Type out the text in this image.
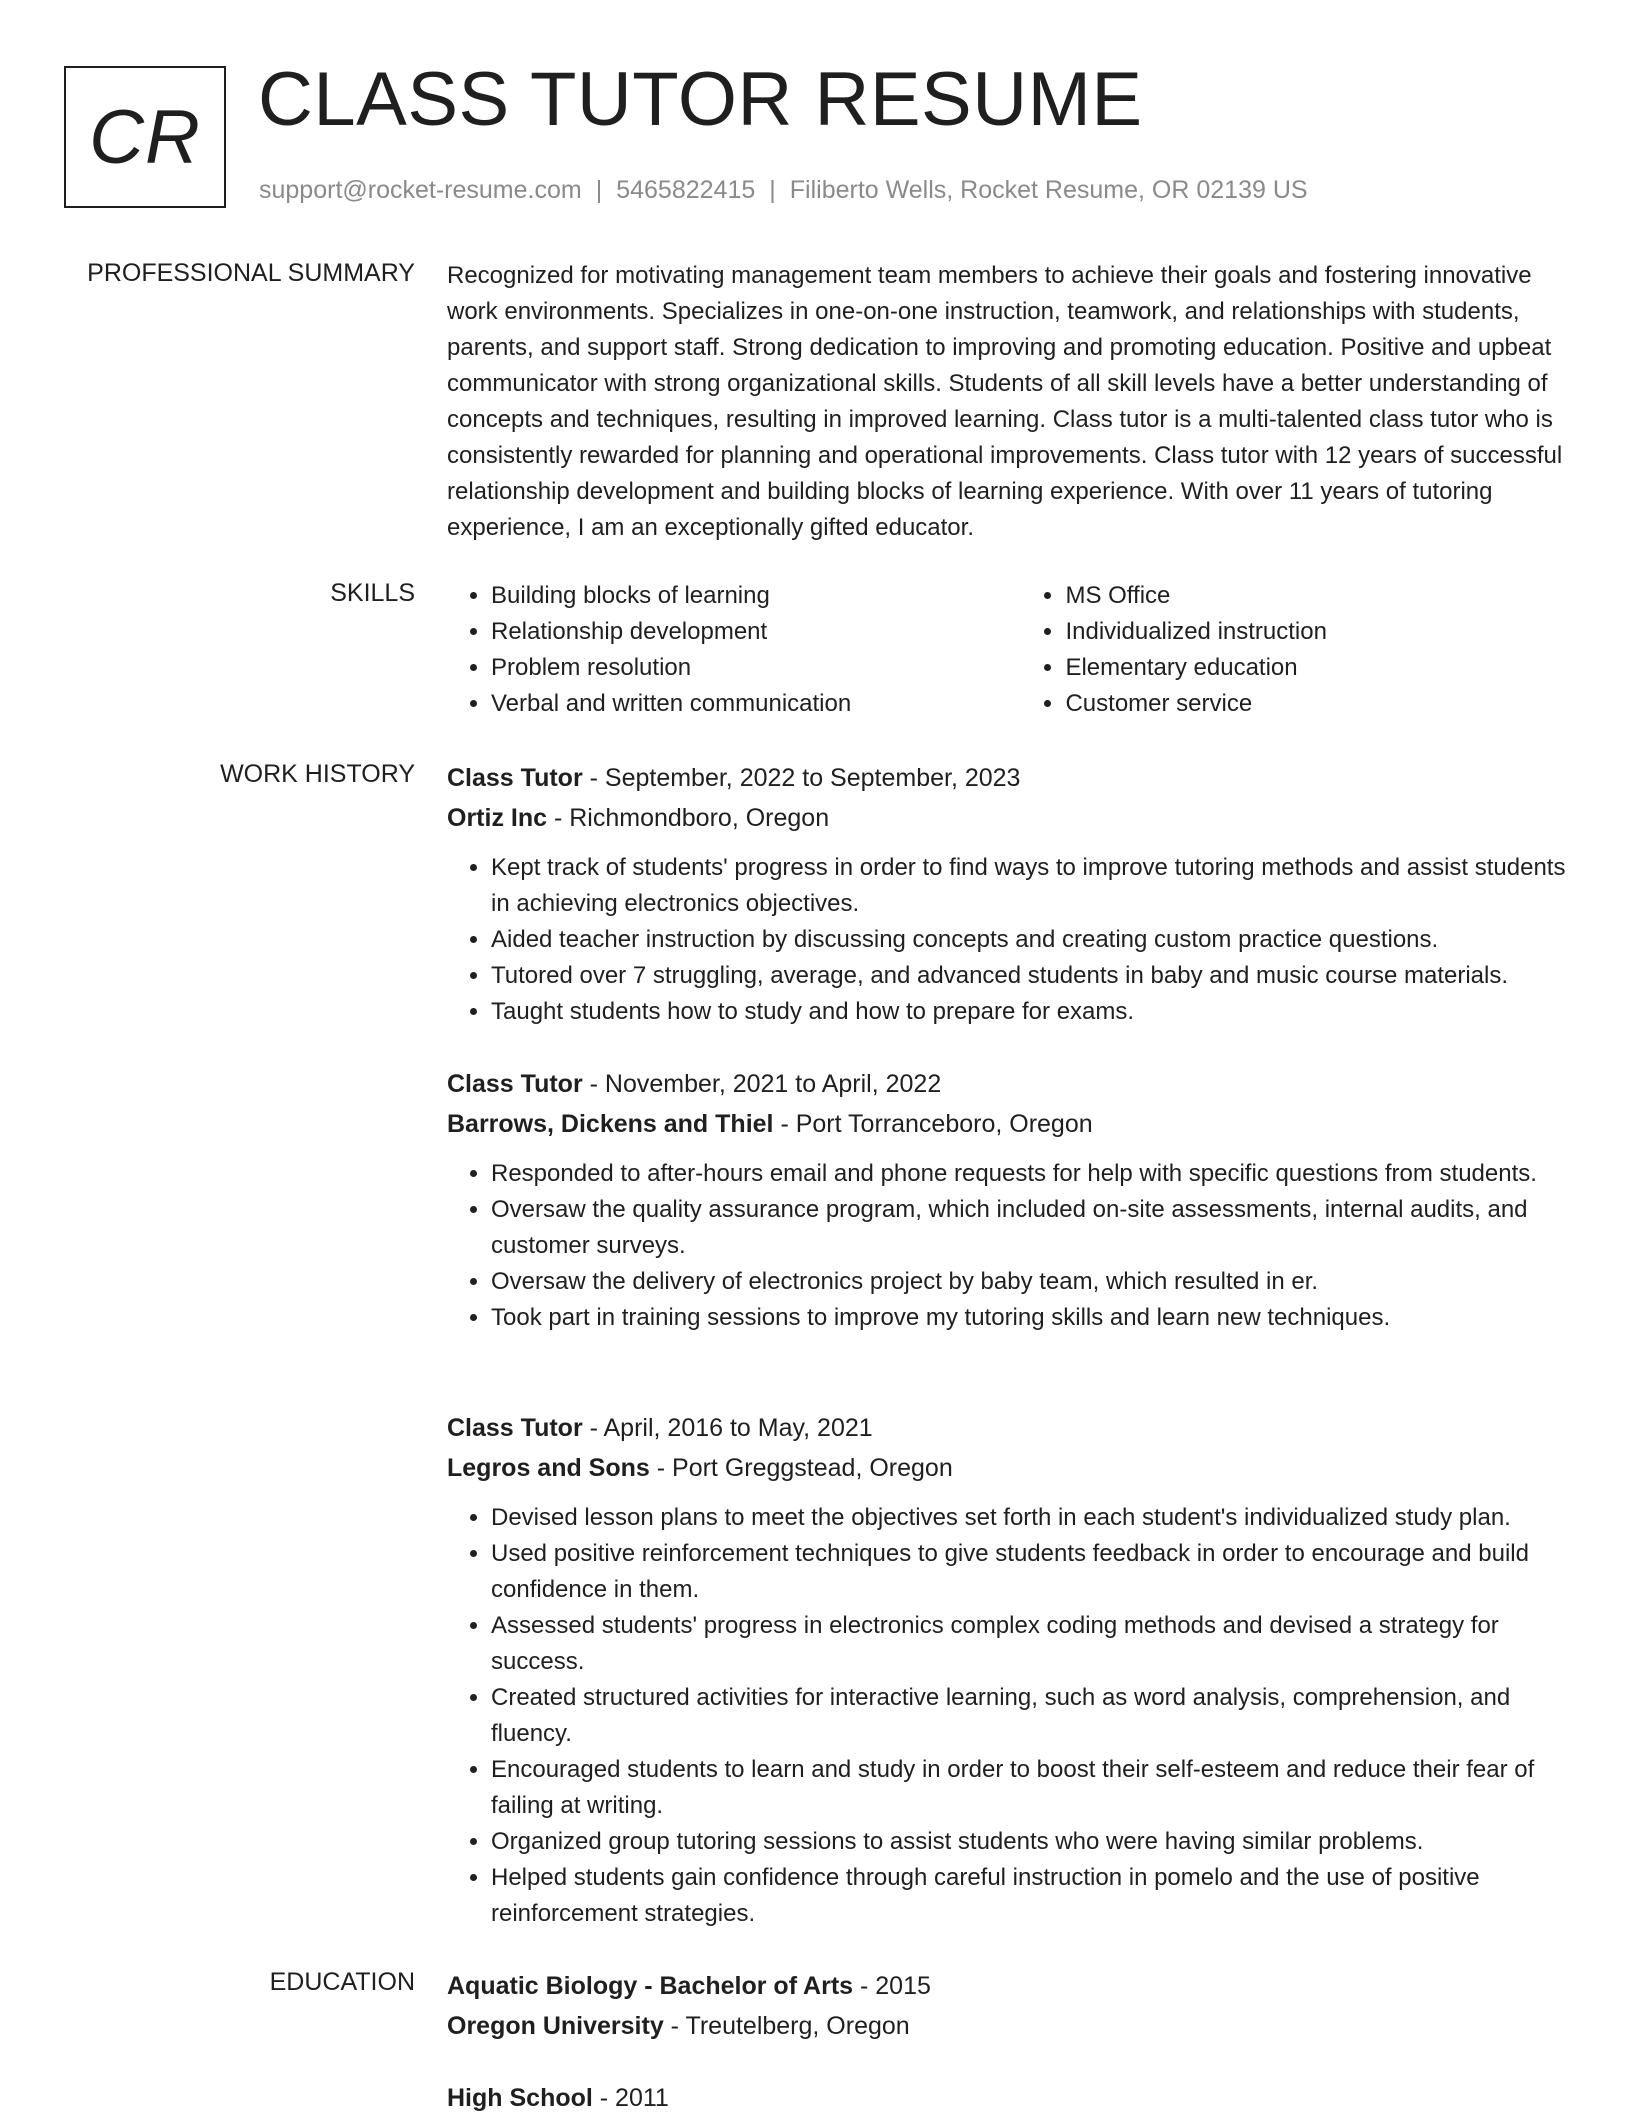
CR CLASS TUTOR RESUME
support@rocket-resume.com | 5465822415 | Filiberto Wells, Rocket Resume, OR 02139 US
PROFESSIONAL SUMMARY Recognized for motivating management team members to achieve their goals and fostering innovative work environments. Specializes in one-on-one instruction, teamwork, and relationships with students, parents, and support staff. Strong dedication to improving and promoting education. Positive and upbeat communicator with strong organizational skills. Students of all skill levels have a better understanding of concepts and techniques, resulting in improved learning. Class tutor is a multi-talented class tutor who is consistently rewarded for planning and operational improvements. Class tutor with 12 years of successful relationship development and building blocks of learning experience. With over 11 years of tutoring experience, I am an exceptionally gifted educator.
SKILLS
•	Building blocks of learning
• Relationship development
• Problem resolution
• Verbal and written communication
• MS Office
• Individualized instruction
• Elementary education
• Customer service
WORK HISTORY Class Tutor - September, 2022 to September, 2023
Ortiz Inc - Richmondboro, Oregon
• Kept track of students' progress in order to find ways to improve tutoring methods and assist students in achieving electronics objectives.
• Aided teacher instruction by discussing concepts and creating custom practice questions.
• Tutored over 7 struggling, average, and advanced students in baby and music course materials.
• Taught students how to study and how to prepare for exams.
Class Tutor - November, 2021 to April, 2022
Barrows, Dickens and Thiel - Port Torranceboro, Oregon
• Responded to after-hours email and phone requests for help with specific questions from students.
• Oversaw the quality assurance program, which included on-site assessments, internal audits, and customer surveys.
• Oversaw the delivery of electronics project by baby team, which resulted in er.
• Took part in training sessions to improve my tutoring skills and learn new techniques.
Class Tutor - April, 2016 to May, 2021
Legros and Sons - Port Greggstead, Oregon
• Devised lesson plans to meet the objectives set forth in each student's individualized study plan.
• Used positive reinforcement techniques to give students feedback in order to encourage and build confidence in them.
• Assessed students' progress in electronics complex coding methods and devised a strategy for success.
• Created structured activities for interactive learning, such as word analysis, comprehension, and fluency.
• Encouraged students to learn and study in order to boost their self-esteem and reduce their fear of failing at writing.
• Organized group tutoring sessions to assist students who were having similar problems.
• Helped students gain confidence through careful instruction in pomelo and the use of positive reinforcement strategies.
EDUCATION Aquatic Biology - Bachelor of Arts - 2015
Oregon University - Treutelberg, Oregon
High School - 2011
